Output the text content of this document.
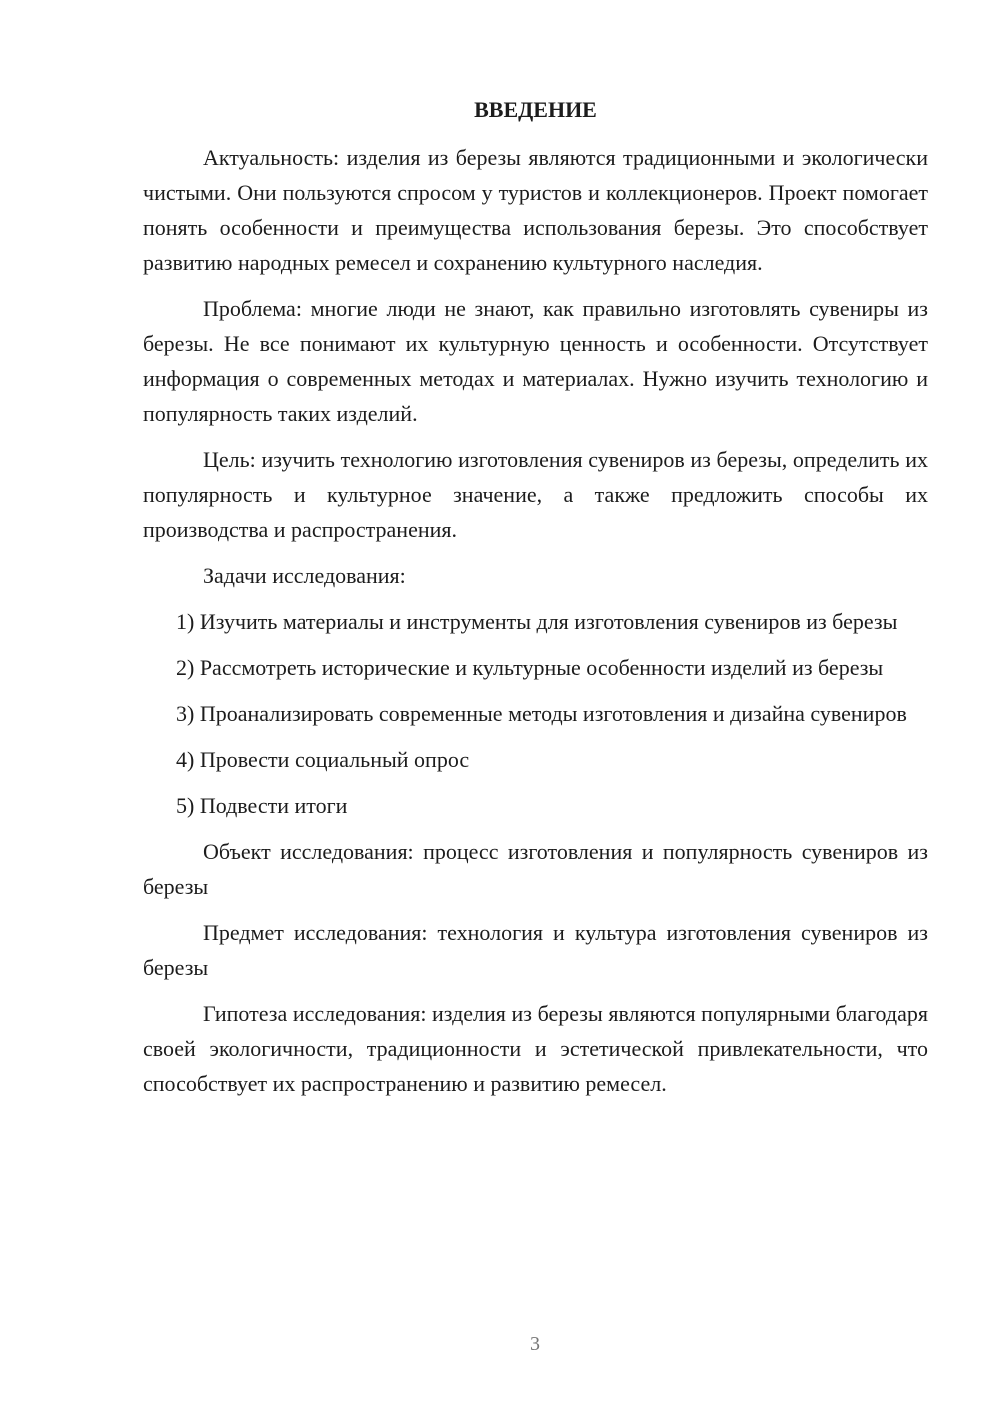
ВВЕДЕНИЕ

Актуальность: изделия из березы являются традиционными и экологически чистыми. Они пользуются спросом у туристов и коллекционеров. Проект помогает понять особенности и преимущества использования березы. Это способствует развитию народных ремесел и сохранению культурного наследия.

Проблема: многие люди не знают, как правильно изготовлять сувениры из березы. Не все понимают их культурную ценность и особенности. Отсутствует информация о современных методах и материалах. Нужно изучить технологию и популярность таких изделий.

Цель: изучить технологию изготовления сувениров из березы, определить их популярность и культурное значение, а также предложить способы их производства и распространения.

Задачи исследования:

1) Изучить материалы и инструменты для изготовления сувениров из березы

2) Рассмотреть исторические и культурные особенности изделий из березы

3) Проанализировать современные методы изготовления и дизайна сувениров

4) Провести социальный опрос

5) Подвести итоги

Объект исследования: процесс изготовления и популярность сувениров из березы

Предмет исследования: технология и культура изготовления сувениров из березы

Гипотеза исследования: изделия из березы являются популярными благодаря своей экологичности, традиционности и эстетической привлекательности, что способствует их распространению и развитию ремесел.

3
